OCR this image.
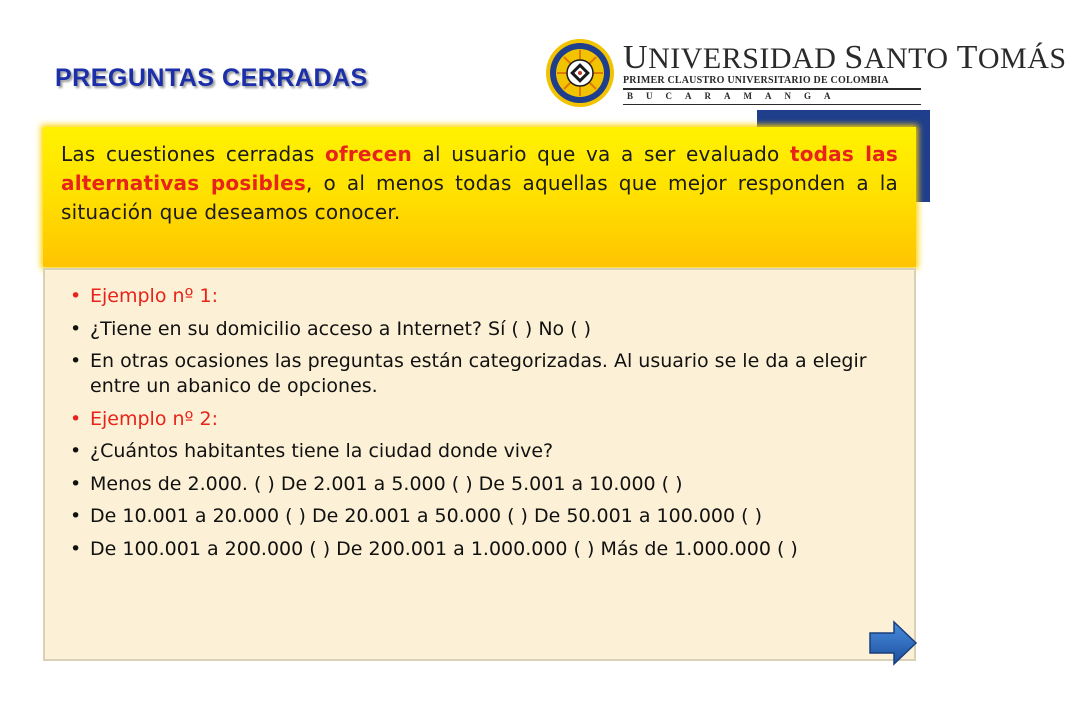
PREGUNTAS CERRADAS
UNIVERSIDAD SANTO TOMÁS
PRIMER CLAUSTRO UNIVERSITARIO DE COLOMBIA
BUCARAMANGA
Las cuestiones cerradas ofrecen al usuario que va a ser evaluado todas las alternativas posibles, o al menos todas aquellas que mejor responden a la situación que deseamos conocer.
• Ejemplo nº 1:
• ¿Tiene en su domicilio acceso a Internet? Sí ( ) No ( )
• En otras ocasiones las preguntas están categorizadas. Al usuario se le da a elegir entre un abanico de opciones.
• Ejemplo nº 2:
• ¿Cuántos habitantes tiene la ciudad donde vive?
• Menos de 2.000. ( ) De 2.001 a 5.000 ( ) De 5.001 a 10.000 ( )
• De 10.001 a 20.000 ( ) De 20.001 a 50.000 ( ) De 50.001 a 100.000 ( )
• De 100.001 a 200.000 ( ) De 200.001 a 1.000.000 ( ) Más de 1.000.000 ( )
